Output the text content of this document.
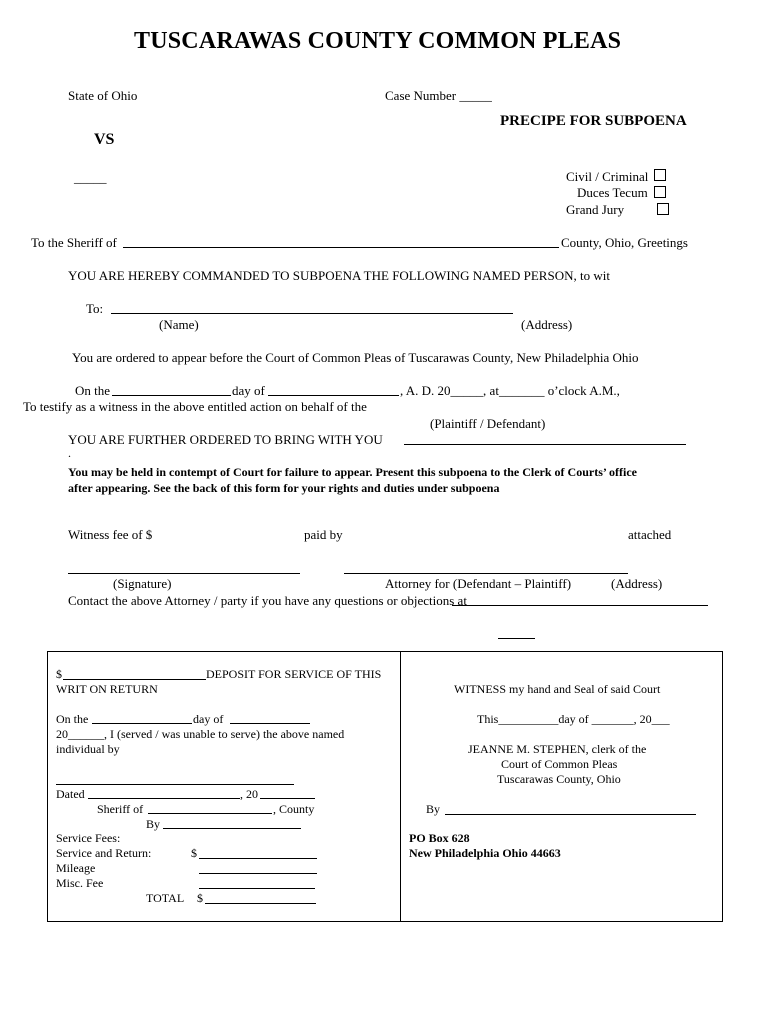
TUSCARAWAS COUNTY COMMON PLEAS
State of Ohio	Case Number _____
PRECIPE FOR SUBPOENA
VS
_____	Civil / Criminal
Duces Tecum
Grand Jury
To the Sheriff of	County, Ohio, Greetings
YOU ARE HEREBY COMMANDED TO SUBPOENA THE FOLLOWING NAMED PERSON, to wit
To:
(Name)	(Address)
You are ordered to appear before the Court of Common Pleas of Tuscarawas County, New Philadelphia Ohio
On the	day of	, A. D. 20_____, at_______ o’clock A.M.,
To testify as a witness in the above entitled action on behalf of the
(Plaintiff / Defendant)
YOU ARE FURTHER ORDERED TO BRING WITH YOU
.
You may be held in contempt of Court for failure to appear. Present this subpoena to the Clerk of Courts’ office
after appearing. See the back of this form for your rights and duties under subpoena
Witness fee of $	paid by	attached
(Signature)	Attorney for (Defendant – Plaintiff)	(Address)
Contact the above Attorney / party if you have any questions or objections at
$	DEPOSIT FOR SERVICE OF THIS
WRIT ON RETURN
On the	day of
20______, I (served / was unable to serve) the above named
individual by
Dated	, 20
Sheriff of	, County
By
Service Fees:
Service and Return:	$
Mileage
Misc. Fee
TOTAL $
WITNESS my hand and Seal of said Court
This__________day of _______, 20___
JEANNE M. STEPHEN, clerk of the
Court of Common Pleas
Tuscarawas County, Ohio
By
PO Box 628
New Philadelphia Ohio 44663
